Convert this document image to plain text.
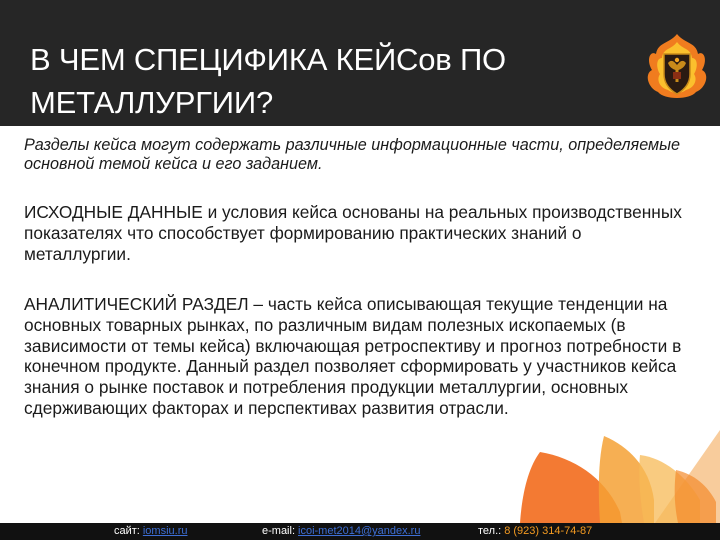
В ЧЕМ СПЕЦИФИКА КЕЙСов ПО МЕТАЛЛУРГИИ?

Разделы кейса могут содержать различные информационные части, определяемые основной темой кейса и его заданием.

ИСХОДНЫЕ ДАННЫЕ и условия кейса основаны на реальных производственных показателях что способствует формированию практических знаний о металлургии.

АНАЛИТИЧЕСКИЙ РАЗДЕЛ – часть кейса описывающая текущие тенденции на основных товарных рынках, по различным видам полезных ископаемых (в зависимости от темы кейса) включающая ретроспективу и прогноз потребности в конечном продукте. Данный раздел позволяет сформировать у участников кейса знания о рынке поставок и потребления продукции металлургии, основных сдерживающих факторах и перспективах развития отрасли.

сайт: iomsiu.ru	e-mail: icoi-met2014@yandex.ru	тел.: 8 (923) 314-74-87
